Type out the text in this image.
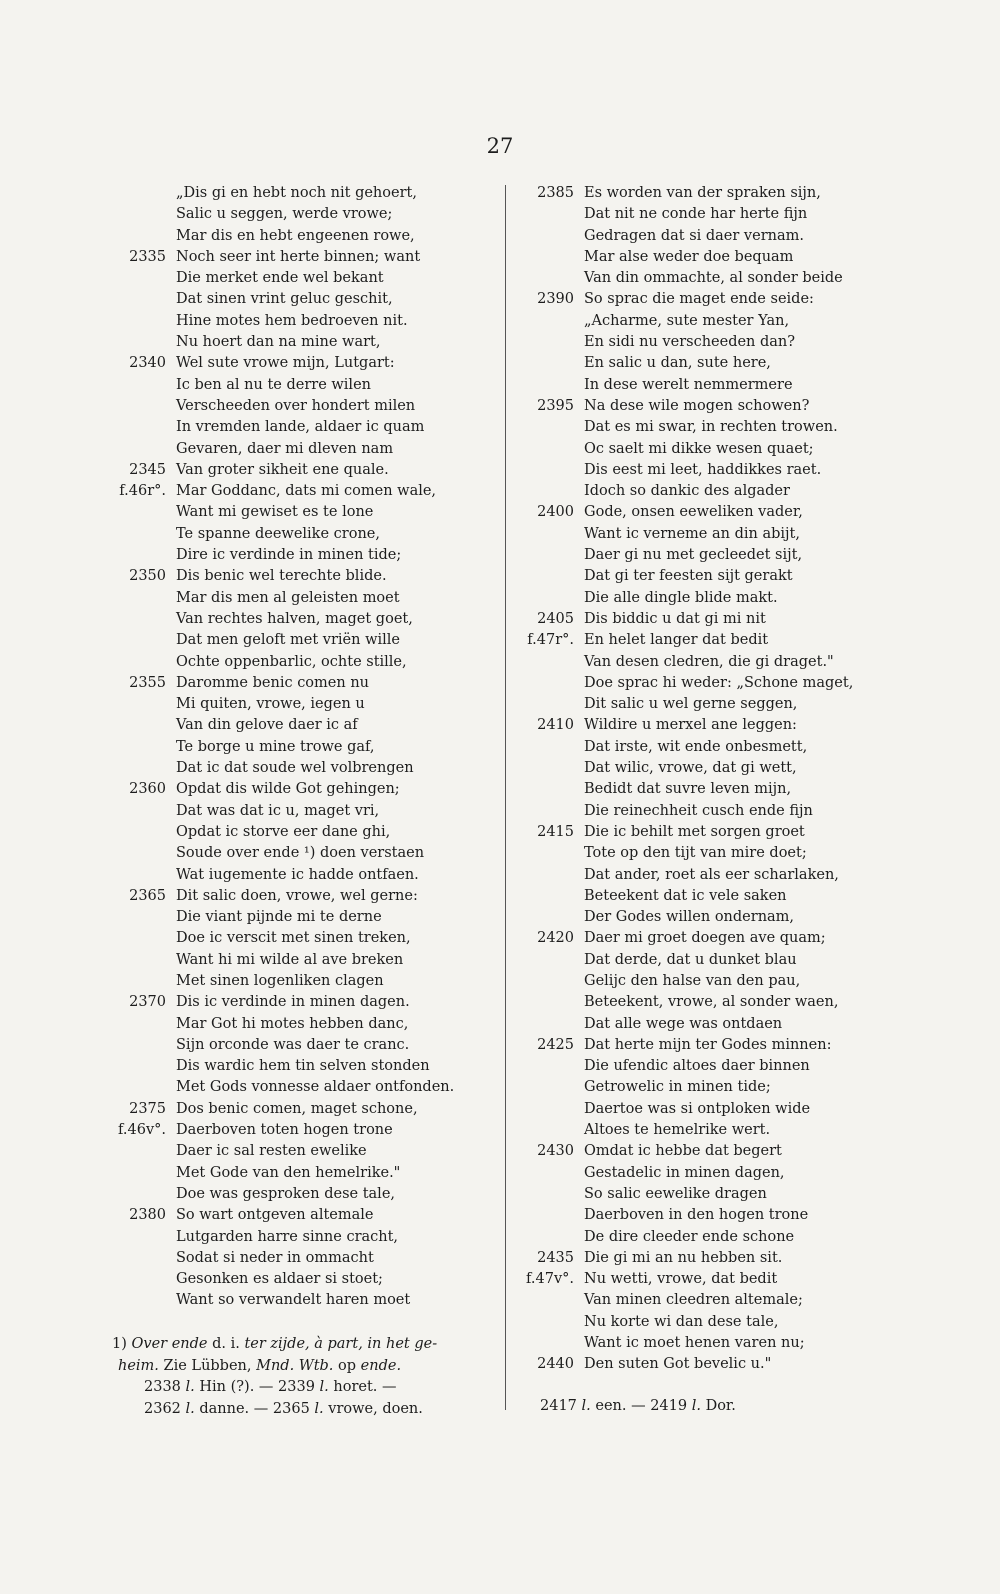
27
„Dis gi en hebt noch nit gehoert,
Salic u seggen, werde vrowe;
Mar dis en hebt engeenen rowe,
2335 Noch seer int herte binnen; want
Die merket ende wel bekant
Dat sinen vrint geluc geschit,
Hine motes hem bedroeven nit.
Nu hoert dan na mine wart,
2340 Wel sute vrowe mijn, Lutgart:
Ic ben al nu te derre wilen
Verscheeden over hondert milen
In vremden lande, aldaer ic quam
Gevaren, daer mi dleven nam
2345 Van groter sikheit ene quale.
f.46r°. Mar Goddanc, dats mi comen wale,
Want mi gewiset es te lone
Te spanne deewelike crone,
Dire ic verdinde in minen tide;
2350 Dis benic wel terechte blide.
Mar dis men al geleisten moet
Van rechtes halven, maget goet,
Dat men geloft met vriën wille
Ochte oppenbarlic, ochte stille,
2355 Daromme benic comen nu
Mi quiten, vrowe, iegen u
Van din gelove daer ic af
Te borge u mine trowe gaf,
Dat ic dat soude wel volbrengen
2360 Opdat dis wilde Got gehingen;
Dat was dat ic u, maget vri,
Opdat ic storve eer dane ghi,
Soude over ende ¹) doen verstaen
Wat iugemente ic hadde ontfaen.
2365 Dit salic doen, vrowe, wel gerne:
Die viant pijnde mi te derne
Doe ic verscit met sinen treken,
Want hi mi wilde al ave breken
Met sinen logenliken clagen
2370 Dis ic verdinde in minen dagen.
Mar Got hi motes hebben danc,
Sijn orconde was daer te cranc.
Dis wardic hem tin selven stonden
Met Gods vonnesse aldaer ontfonden.
2375 Dos benic comen, maget schone,
f.46v°. Daerboven toten hogen trone
Daer ic sal resten ewelike
Met Gode van den hemelrike."
Doe was gesproken dese tale,
2380 So wart ontgeven altemale
Lutgarden harre sinne cracht,
Sodat si neder in ommacht
Gesonken es aldaer si stoet;
Want so verwandelt haren moet
2385 Es worden van der spraken sijn,
Dat nit ne conde har herte fijn
Gedragen dat si daer vernam.
Mar alse weder doe bequam
Van din ommachte, al sonder beide
2390 So sprac die maget ende seide:
„Acharme, sute mester Yan,
En sidi nu verscheeden dan?
En salic u dan, sute here,
In dese werelt nemmermere
2395 Na dese wile mogen schowen?
Dat es mi swar, in rechten trowen.
Oc saelt mi dikke wesen quaet;
Dis eest mi leet, haddikkes raet.
Idoch so dankic des algader
2400 Gode, onsen eeweliken vader,
Want ic verneme an din abijt,
Daer gi nu met gecleedet sijt,
Dat gi ter feesten sijt gerakt
Die alle dingle blide makt.
2405 Dis biddic u dat gi mi nit
f.47r°. En helet langer dat bedit
Van desen cledren, die gi draget."
Doe sprac hi weder: „Schone maget,
Dit salic u wel gerne seggen,
2410 Wildire u merxel ane leggen:
Dat irste, wit ende onbesmett,
Dat wilic, vrowe, dat gi wett,
Bedidt dat suvre leven mijn,
Die reinechheit cusch ende fijn
2415 Die ic behilt met sorgen groet
Tote op den tijt van mire doet;
Dat ander, roet als eer scharlaken,
Beteekent dat ic vele saken
Der Godes willen ondernam,
2420 Daer mi groet doegen ave quam;
Dat derde, dat u dunket blau
Gelijc den halse van den pau,
Beteekent, vrowe, al sonder waen,
Dat alle wege was ontdaen
2425 Dat herte mijn ter Godes minnen:
Die ufendic altoes daer binnen
Getrowelic in minen tide;
Daertoe was si ontploken wide
Altoes te hemelrike wert.
2430 Omdat ic hebbe dat begert
Gestadelic in minen dagen,
So salic eewelike dragen
Daerboven in den hogen trone
De dire cleeder ende schone
2435 Die gi mi an nu hebben sit.
f.47v°. Nu wetti, vrowe, dat bedit
Van minen cleedren altemale;
Nu korte wi dan dese tale,
Want ic moet henen varen nu;
2440 Den suten Got bevelic u."

1) Over ende d. i. ter zijde, à part, in het ge-

heim. Zie Lübben, Mnd. Wtb. op ende.

2338 l. Hin (?). — 2339 l. horet. —

2362 l. danne. — 2365 l. vrowe, doen.	2417 l. een. — 2419 l. Dor.
